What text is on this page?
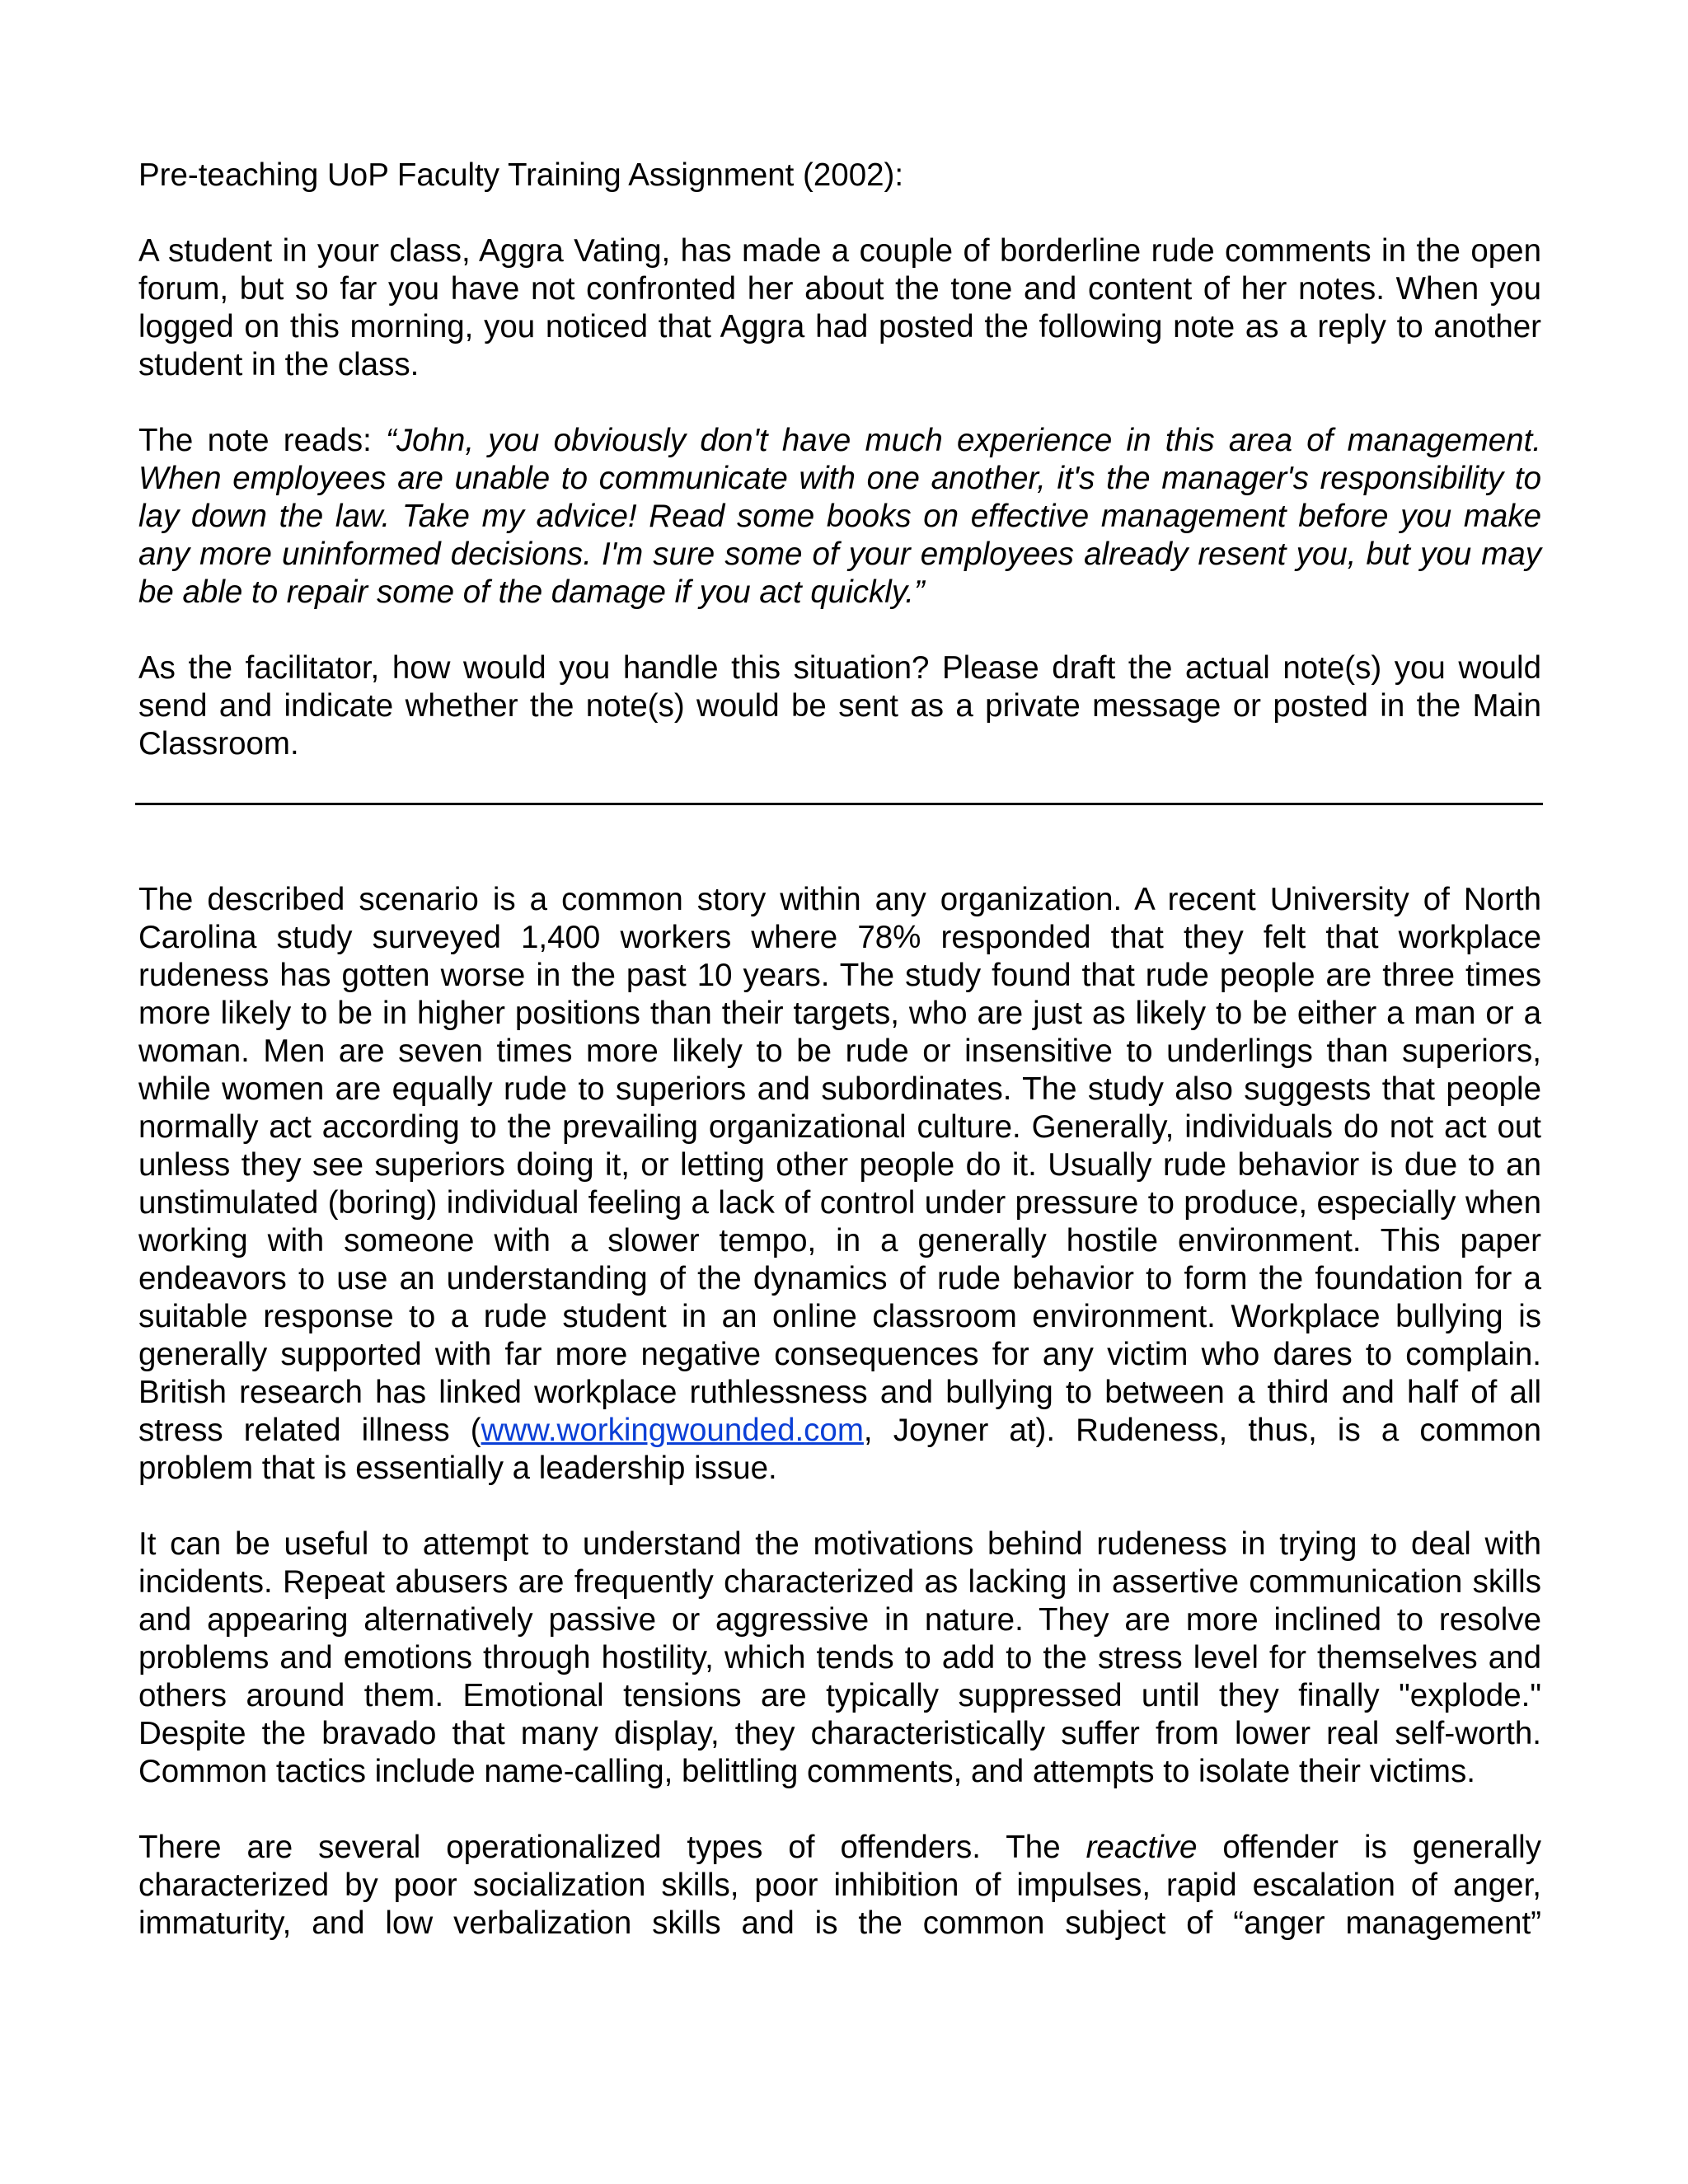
Pre-teaching UoP Faculty Training Assignment (2002):

A student in your class, Aggra Vating, has made a couple of borderline rude comments in the open forum, but so far you have not confronted her about the tone and content of her notes. When you logged on this morning, you noticed that Aggra had posted the following note as a reply to another student in the class.

The note reads: “John, you obviously don't have much experience in this area of management. When employees are unable to communicate with one another, it's the manager's responsibility to lay down the law. Take my advice! Read some books on effective management before you make any more uninformed decisions. I'm sure some of your employees already resent you, but you may be able to repair some of the damage if you act quickly.”

As the facilitator, how would you handle this situation? Please draft the actual note(s) you would send and indicate whether the note(s) would be sent as a private message or posted in the Main Classroom.

The described scenario is a common story within any organization. A recent University of North Carolina study surveyed 1,400 workers where 78% responded that they felt that workplace rudeness has gotten worse in the past 10 years. The study found that rude people are three times more likely to be in higher positions than their targets, who are just as likely to be either a man or a woman. Men are seven times more likely to be rude or insensitive to underlings than superiors, while women are equally rude to superiors and subordinates. The study also suggests that people normally act according to the prevailing organizational culture. Generally, individuals do not act out unless they see superiors doing it, or letting other people do it. Usually rude behavior is due to an unstimulated (boring) individual feeling a lack of control under pressure to produce, especially when working with someone with a slower tempo, in a generally hostile environment. This paper endeavors to use an understanding of the dynamics of rude behavior to form the foundation for a suitable response to a rude student in an online classroom environment. Workplace bullying is generally supported with far more negative consequences for any victim who dares to complain. British research has linked workplace ruthlessness and bullying to between a third and half of all stress related illness (www.workingwounded.com, Joyner at). Rudeness, thus, is a common problem that is essentially a leadership issue.

It can be useful to attempt to understand the motivations behind rudeness in trying to deal with incidents. Repeat abusers are frequently characterized as lacking in assertive communication skills and appearing alternatively passive or aggressive in nature. They are more inclined to resolve problems and emotions through hostility, which tends to add to the stress level for themselves and others around them. Emotional tensions are typically suppressed until they finally "explode." Despite the bravado that many display, they characteristically suffer from lower real self-worth. Common tactics include name-calling, belittling comments, and attempts to isolate their victims.

There are several operationalized types of offenders. The reactive offender is generally characterized by poor socialization skills, poor inhibition of impulses, rapid escalation of anger, immaturity, and low verbalization skills and is the common subject of “anger management”
